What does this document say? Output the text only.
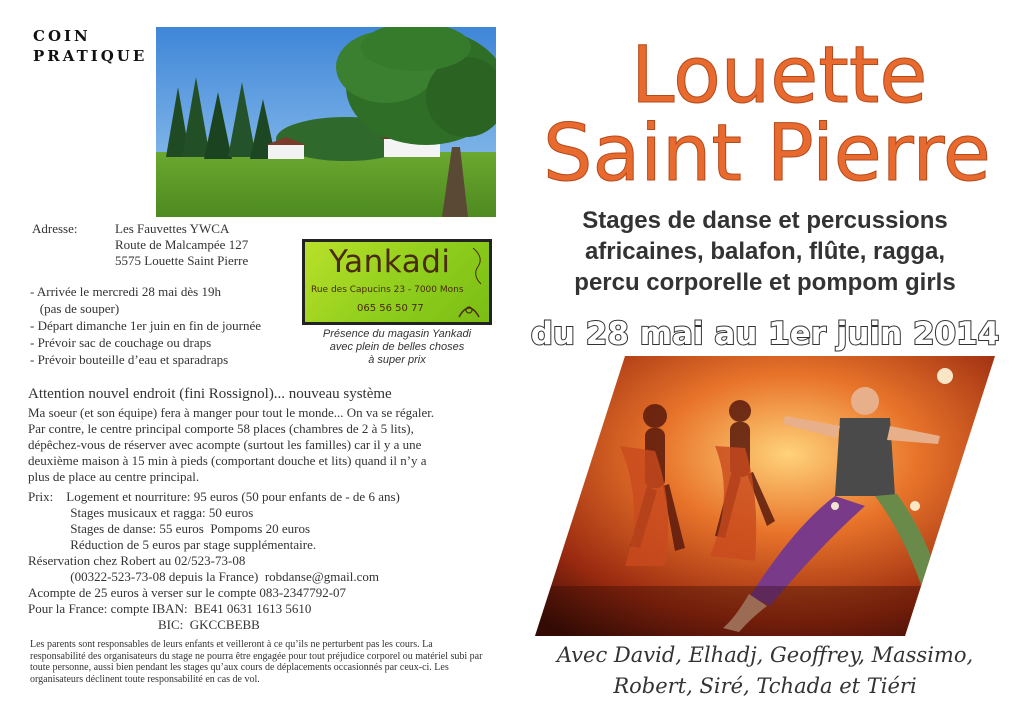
COIN
PRATIQUE
Adresse:	Les Fauvettes YWCA
Route de Malcampée 127
5575 Louette Saint Pierre
- Arrivée le mercredi 28 mai dès 19h
(pas de souper)
- Départ dimanche 1er juin en fin de journée
- Prévoir sac de couchage ou draps
- Prévoir bouteille d’eau et sparadraps
Yankadi
Rue des Capucins 23 - 7000 Mons
065 56 50 77
Présence du magasin Yankadi
avec plein de belles choses
à super prix
Attention nouvel endroit (fini Rossignol)... nouveau système
Ma soeur (et son équipe) fera à manger pour tout le monde... On va se régaler.
Par contre, le centre principal comporte 58 places (chambres de 2 à 5 lits),
dépêchez-vous de réserver avec acompte (surtout les familles) car il y a une
deuxième maison à 15 min à pieds (comportant douche et lits) quand il n’y a
plus de place au centre principal.
Prix:    Logement et nourriture: 95 euros (50 pour enfants de - de 6 ans)
Stages musicaux et ragga: 50 euros
Stages de danse: 55 euros  Pompoms 20 euros
Réduction de 5 euros par stage supplémentaire.
Réservation chez Robert au 02/523-73-08
(00322-523-73-08 depuis la France)  robdanse@gmail.com
Acompte de 25 euros à verser sur le compte 083-2347792-07
Pour la France: compte IBAN:  BE41 0631 1613 5610
BIC:  GKCCBEBB
Les parents sont responsables de leurs enfants et veilleront à ce qu’ils ne perturbent pas les cours. La responsabilité des organisateurs du stage ne pourra être engagée pour tout préjudice corporel ou matériel subi par toute personne, aussi bien pendant les stages qu’aux cours de déplacements occasionnés par ceux-ci. Les organisateurs déclinent toute responsabilité en cas de vol.
Louette
Saint Pierre
Stages de danse et percussions
africaines, balafon, flûte, ragga,
percu corporelle et pompom girls
du 28 mai au 1er juin 2014
Avec David, Elhadj, Geoffrey, Massimo,
Robert, Siré, Tchada et Tiéri
